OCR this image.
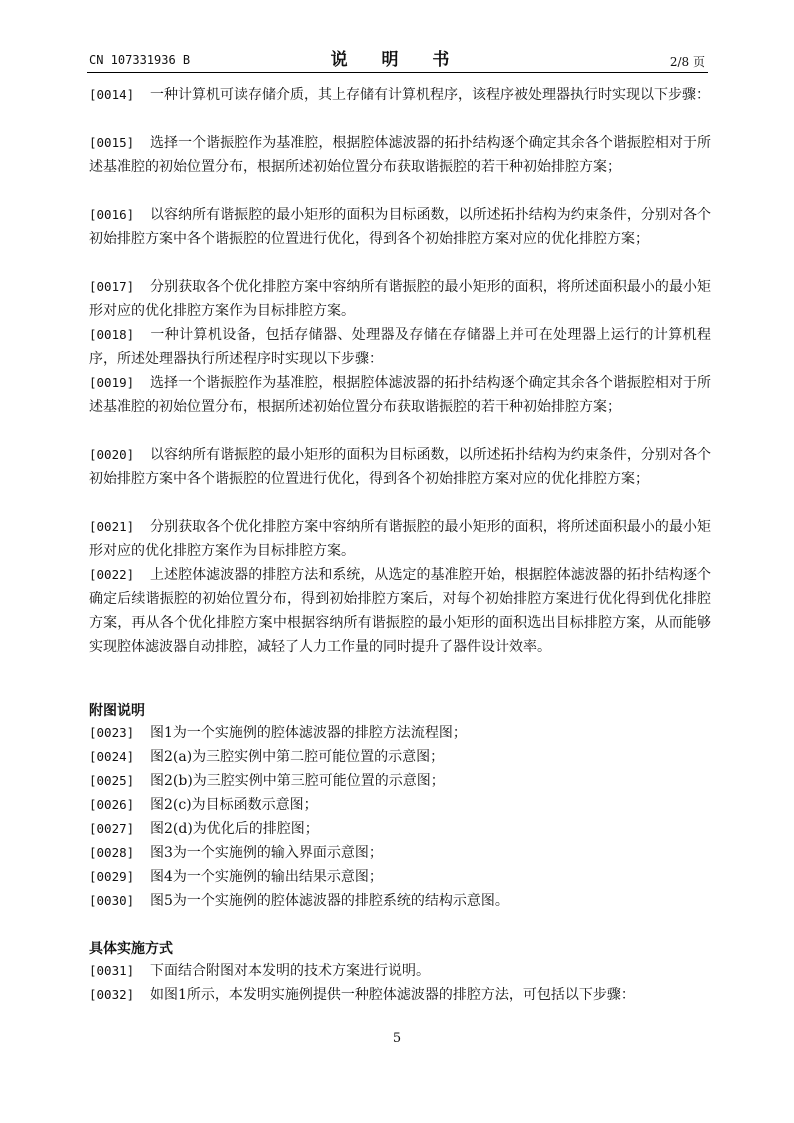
CN 107331936 B	说 明 书	2/8 页
[0014] 一种计算机可读存储介质，其上存储有计算机程序，该程序被处理器执行时实现以下步骤：
[0015] 选择一个谐振腔作为基准腔，根据腔体滤波器的拓扑结构逐个确定其余各个谐振腔相对于所述基准腔的初始位置分布，根据所述初始位置分布获取谐振腔的若干种初始排腔方案；
[0016] 以容纳所有谐振腔的最小矩形的面积为目标函数，以所述拓扑结构为约束条件，分别对各个初始排腔方案中各个谐振腔的位置进行优化，得到各个初始排腔方案对应的优化排腔方案；
[0017] 分别获取各个优化排腔方案中容纳所有谐振腔的最小矩形的面积，将所述面积最小的最小矩形对应的优化排腔方案作为目标排腔方案。
[0018] 一种计算机设备，包括存储器、处理器及存储在存储器上并可在处理器上运行的计算机程序，所述处理器执行所述程序时实现以下步骤：
[0019] 选择一个谐振腔作为基准腔，根据腔体滤波器的拓扑结构逐个确定其余各个谐振腔相对于所述基准腔的初始位置分布，根据所述初始位置分布获取谐振腔的若干种初始排腔方案；
[0020] 以容纳所有谐振腔的最小矩形的面积为目标函数，以所述拓扑结构为约束条件，分别对各个初始排腔方案中各个谐振腔的位置进行优化，得到各个初始排腔方案对应的优化排腔方案；
[0021] 分别获取各个优化排腔方案中容纳所有谐振腔的最小矩形的面积，将所述面积最小的最小矩形对应的优化排腔方案作为目标排腔方案。
[0022] 上述腔体滤波器的排腔方法和系统，从选定的基准腔开始，根据腔体滤波器的拓扑结构逐个确定后续谐振腔的初始位置分布，得到初始排腔方案后，对每个初始排腔方案进行优化得到优化排腔方案，再从各个优化排腔方案中根据容纳所有谐振腔的最小矩形的面积选出目标排腔方案，从而能够实现腔体滤波器自动排腔，减轻了人力工作量的同时提升了器件设计效率。
附图说明
[0023] 图1为一个实施例的腔体滤波器的排腔方法流程图；
[0024] 图2(a)为三腔实例中第二腔可能位置的示意图；
[0025] 图2(b)为三腔实例中第三腔可能位置的示意图；
[0026] 图2(c)为目标函数示意图；
[0027] 图2(d)为优化后的排腔图；
[0028] 图3为一个实施例的输入界面示意图；
[0029] 图4为一个实施例的输出结果示意图；
[0030] 图5为一个实施例的腔体滤波器的排腔系统的结构示意图。
具体实施方式
[0031] 下面结合附图对本发明的技术方案进行说明。
[0032] 如图1所示，本发明实施例提供一种腔体滤波器的排腔方法，可包括以下步骤：
5
